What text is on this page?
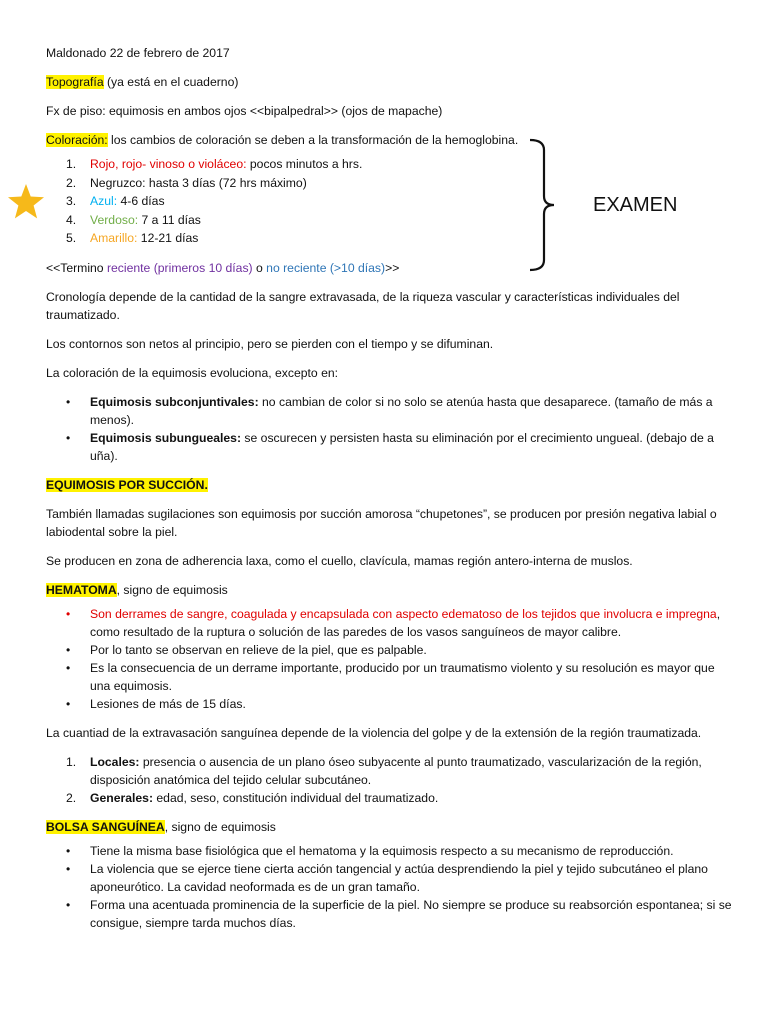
EXAMEN

Maldonado 22 de febrero de 2017

Topografía (ya está en el cuaderno)

Fx de piso: equimosis en ambos ojos <<bipalpedral>> (ojos de mapache)

Coloración: los cambios de coloración se deben a la transformación de la hemoglobina.

1. Rojo, rojo- vinoso o violáceo: pocos minutos a hrs.
2. Negruzco: hasta 3 días (72 hrs máximo)
3. Azul: 4-6 días
4. Verdoso: 7 a 11 días
5. Amarillo: 12-21 días

<<Termino reciente (primeros 10 días) o no reciente (>10 días)>>

Cronología depende de la cantidad de la sangre extravasada, de la riqueza vascular y características individuales del traumatizado.

Los contornos son netos al principio, pero se pierden con el tiempo y se difuminan.

La coloración de la equimosis evoluciona, excepto en:

• Equimosis subconjuntivales: no cambian de color si no solo se atenúa hasta que desaparece. (tamaño de más a menos).
• Equimosis subungueales: se oscurecen y persisten hasta su eliminación por el crecimiento ungueal. (debajo de a uña).

EQUIMOSIS POR SUCCIÓN.

También llamadas sugilaciones son equimosis por succión amorosa “chupetones”, se producen por presión negativa labial o labiodental sobre la piel.

Se producen en zona de adherencia laxa, como el cuello, clavícula, mamas región antero-interna de muslos.

HEMATOMA, signo de equimosis

• Son derrames de sangre, coagulada y encapsulada con aspecto edematoso de los tejidos que involucra e impregna, como resultado de la ruptura o solución de las paredes de los vasos sanguíneos de mayor calibre.
• Por lo tanto se observan en relieve de la piel, que es palpable.
• Es la consecuencia de un derrame importante, producido por un traumatismo violento y su resolución es mayor que una equimosis.
• Lesiones de más de 15 días.

La cuantiad de la extravasación sanguínea depende de la violencia del golpe y de la extensión de la región traumatizada.

1. Locales: presencia o ausencia de un plano óseo subyacente al punto traumatizado, vascularización de la región, disposición anatómica del tejido celular subcutáneo.
2. Generales: edad, seso, constitución individual del traumatizado.

BOLSA SANGUÍNEA, signo de equimosis

• Tiene la misma base fisiológica que el hematoma y la equimosis respecto a su mecanismo de reproducción.
• La violencia que se ejerce tiene cierta acción tangencial y actúa desprendiendo la piel y tejido subcutáneo el plano aponeurótico. La cavidad neoformada es de un gran tamaño.
• Forma una acentuada prominencia de la superficie de la piel. No siempre se produce su reabsorción espontanea; si se consigue, siempre tarda muchos días.
